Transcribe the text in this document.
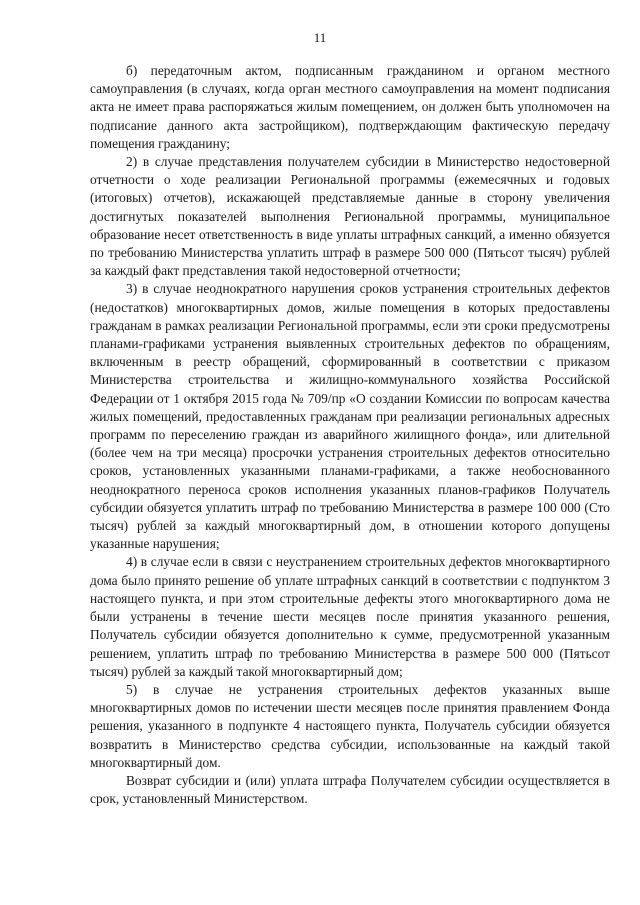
11

б) передаточным актом, подписанным гражданином и органом местного самоуправления (в случаях, когда орган местного самоуправления на момент подписания акта не имеет права распоряжаться жилым помещением, он должен быть уполномочен на подписание данного акта застройщиком), подтверждающим фактическую передачу помещения гражданину;

2) в случае представления получателем субсидии в Министерство недостоверной отчетности о ходе реализации Региональной программы (ежемесячных и годовых (итоговых) отчетов), искажающей представляемые данные в сторону увеличения достигнутых показателей выполнения Региональной программы, муниципальное образование несет ответственность в виде уплаты штрафных санкций, а именно обязуется по требованию Министерства уплатить штраф в размере 500 000 (Пятьсот тысяч) рублей за каждый факт представления такой недостоверной отчетности;

3) в случае неоднократного нарушения сроков устранения строительных дефектов (недостатков) многоквартирных домов, жилые помещения в которых предоставлены гражданам в рамках реализации Региональной программы, если эти сроки предусмотрены планами-графиками устранения выявленных строительных дефектов по обращениям, включенным в реестр обращений, сформированный в соответствии с приказом Министерства строительства и жилищно-коммунального хозяйства Российской Федерации от 1 октября 2015 года № 709/пр «О создании Комиссии по вопросам качества жилых помещений, предоставленных гражданам при реализации региональных адресных программ по переселению граждан из аварийного жилищного фонда», или длительной (более чем на три месяца) просрочки устранения строительных дефектов относительно сроков, установленных указанными планами-графиками, а также необоснованного неоднократного переноса сроков исполнения указанных планов-графиков Получатель субсидии обязуется уплатить штраф по требованию Министерства в размере 100 000 (Сто тысяч) рублей за каждый многоквартирный дом, в отношении которого допущены указанные нарушения;

4) в случае если в связи с неустранением строительных дефектов многоквартирного дома было принято решение об уплате штрафных санкций в соответствии с подпунктом 3 настоящего пункта, и при этом строительные дефекты этого многоквартирного дома не были устранены в течение шести месяцев после принятия указанного решения, Получатель субсидии обязуется дополнительно к сумме, предусмотренной указанным решением, уплатить штраф по требованию Министерства в размере 500 000 (Пятьсот тысяч) рублей за каждый такой многоквартирный дом;

5) в случае не устранения строительных дефектов указанных выше многоквартирных домов по истечении шести месяцев после принятия правлением Фонда решения, указанного в подпункте 4 настоящего пункта, Получатель субсидии обязуется возвратить в Министерство средства субсидии, использованные на каждый такой многоквартирный дом.

Возврат субсидии и (или) уплата штрафа Получателем субсидии осуществляется в срок, установленный Министерством.
